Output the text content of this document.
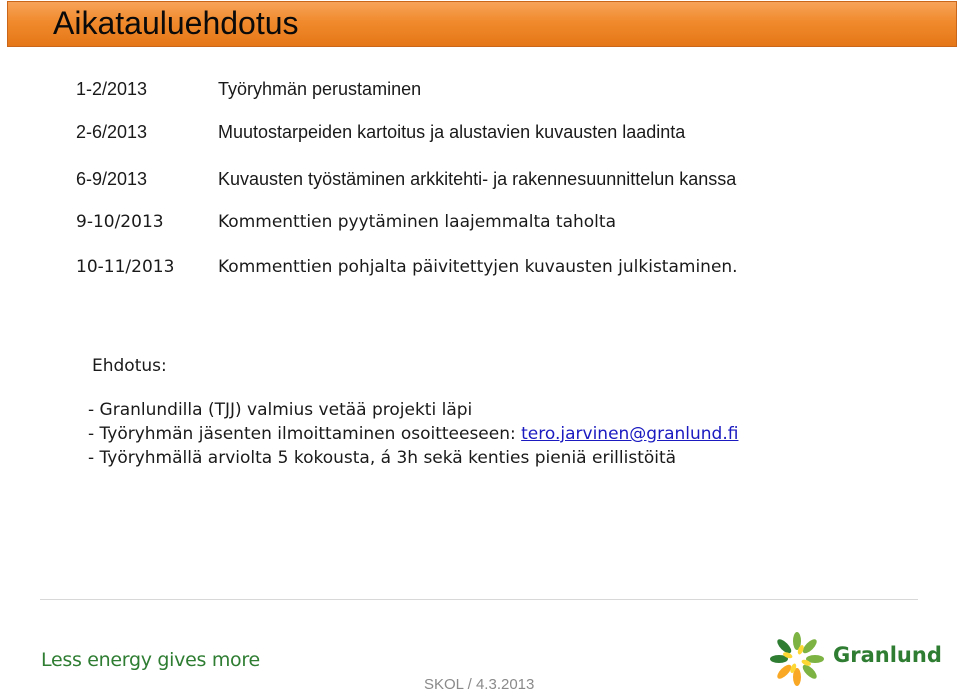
Aikatauluehdotus
1-2/2013	Työryhmän perustaminen
2-6/2013	Muutostarpeiden kartoitus ja alustavien kuvausten laadinta
6-9/2013	Kuvausten työstäminen arkkitehti- ja rakennesuunnittelun kanssa
9-10/2013	Kommenttien pyytäminen laajemmalta taholta
10-11/2013	Kommenttien pohjalta päivitettyjen kuvausten julkistaminen.
Ehdotus:
- Granlundilla (TJJ) valmius vetää projekti läpi
- Työryhmän jäsenten ilmoittaminen osoitteeseen: tero.jarvinen@granlund.fi
- Työryhmällä arviolta 5 kokousta, á 3h sekä kenties pieniä erillistöitä
Less energy gives more
SKOL / 4.3.2013
Granlund
